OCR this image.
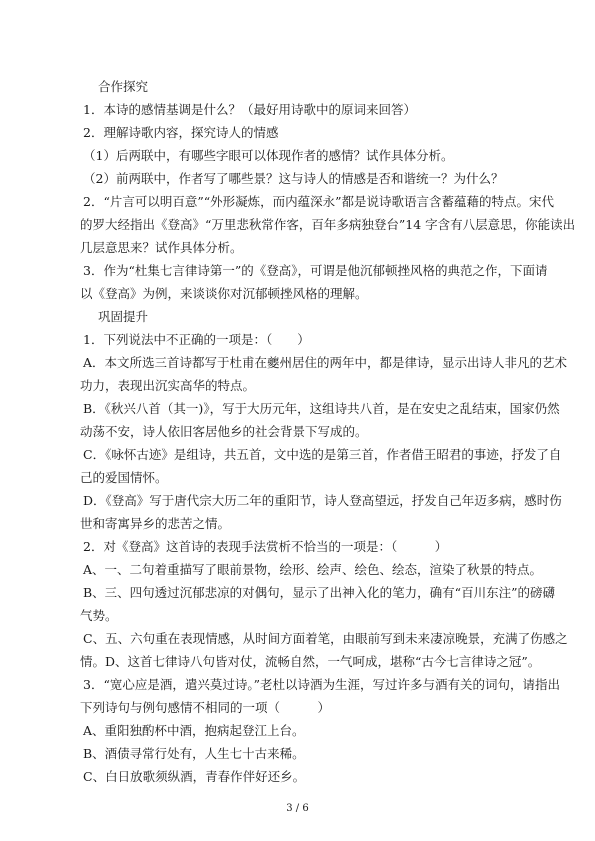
合作探究
1．本诗的感情基调是什么？（最好用诗歌中的原词来回答）
2．理解诗歌内容，探究诗人的情感
（1）后两联中，有哪些字眼可以体现作者的感情？试作具体分析。
（2）前两联中，作者写了哪些景？这与诗人的情感是否和谐统一？为什么？
2．“片言可以明百意”“外形凝炼，而内蕴深永”都是说诗歌语言含蓄蕴藉的特点。宋代
的罗大经指出《登高》“万里悲秋常作客，百年多病独登台”14 字含有八层意思，你能读出
几层意思来？试作具体分析。
3．作为“杜集七言律诗第一”的《登高》，可谓是他沉郁顿挫风格的典范之作，下面请
以《登高》为例，来谈谈你对沉郁顿挫风格的理解。
巩固提升
1．下列说法中不正确的一项是：（　　）
A．本文所选三首诗都写于杜甫在夔州居住的两年中，都是律诗，显示出诗人非凡的艺术
功力，表现出沉实高华的特点。
B．《秋兴八首（其一)》，写于大历元年，这组诗共八首，是在安史之乱结束，国家仍然
动荡不安，诗人依旧客居他乡的社会背景下写成的。
C．《咏怀古迹》是组诗，共五首，文中选的是第三首，作者借王昭君的事迹，抒发了自
己的爱国情怀。
D．《登高》写于唐代宗大历二年的重阳节，诗人登高望远，抒发自己年迈多病，感时伤
世和寄寓异乡的悲苦之情。
2．对《登高》这首诗的表现手法赏析不恰当的一项是：（　　　）
A、一、二句着重描写了眼前景物，绘形、绘声、绘色、绘态，渲染了秋景的特点。
B、三、四句透过沉郁悲凉的对偶句，显示了出神入化的笔力，确有“百川东注”的磅礴
气势。
C、五、六句重在表现情感，从时间方面着笔，由眼前写到未来凄凉晚景，充满了伤感之
情。D、这首七律诗八句皆对仗，流畅自然，一气呵成，堪称“古今七言律诗之冠”。
3．“宽心应是酒，遣兴莫过诗。”老杜以诗酒为生涯，写过许多与酒有关的词句，请指出
下列诗句与例句感情不相同的一项（　　　）
A、重阳独酌杯中酒，抱病起登江上台。
B、酒债寻常行处有，人生七十古来稀。
C、白日放歌须纵酒，青春作伴好还乡。
3 / 6
